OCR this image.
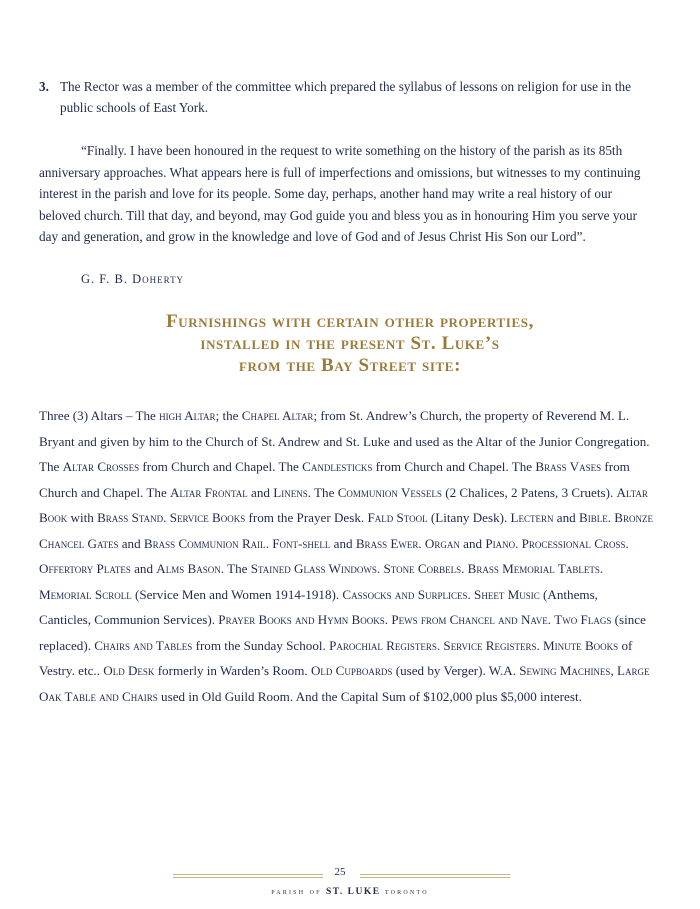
3. The Rector was a member of the committee which prepared the syllabus of lessons on religion for use in the public schools of East York.

“Finally. I have been honoured in the request to write something on the history of the parish as its 85th anniversary approaches. What appears here is full of imperfections and omissions, but witnesses to my continuing interest in the parish and love for its people. Some day, perhaps, another hand may write a real history of our beloved church. Till that day, and beyond, may God guide you and bless you as in honouring Him you serve your day and generation, and grow in the knowledge and love of God and of Jesus Christ His Son our Lord”.

G. F. B. Doherty
Furnishings with certain other properties,
installed in the present St. Luke’s
from the Bay Street site:

Three (3) Altars – The high Altar; the Chapel Altar; from St. Andrew’s Church, the property of Reverend M. L. Bryant and given by him to the Church of St. Andrew and St. Luke and used as the Altar of the Junior Congregation. The Altar Crosses from Church and Chapel. The Candlesticks from Church and Chapel. The Brass Vases from Church and Chapel. The Altar Frontal and Linens. The Communion Vessels (2 Chalices, 2 Patens, 3 Cruets). Altar Book with Brass Stand. Service Books from the Prayer Desk. Fald Stool (Litany Desk). Lectern and Bible. Bronze Chancel Gates and Brass Communion Rail. Font-shell and Brass Ewer. Organ and Piano. Processional Cross. Offertory Plates and Alms Bason. The Stained Glass Windows. Stone Corbels. Brass Memorial Tablets. Memorial Scroll (Service Men and Women 1914-1918). Cassocks and Surplices. Sheet Music (Anthems, Canticles, Communion Services). Prayer Books and Hymn Books. Pews from Chancel and Nave. Two Flags (since replaced). Chairs and Tables from the Sunday School. Parochial Registers. Service Registers. Minute Books of Vestry. etc.. Old Desk formerly in Warden’s Room. Old Cupboards (used by Verger). W.A. Sewing Machines, Large Oak Table and Chairs used in Old Guild Room. And the Capital Sum of $102,000 plus $5,000 interest.

25
parish of ST. LUKE toronto
